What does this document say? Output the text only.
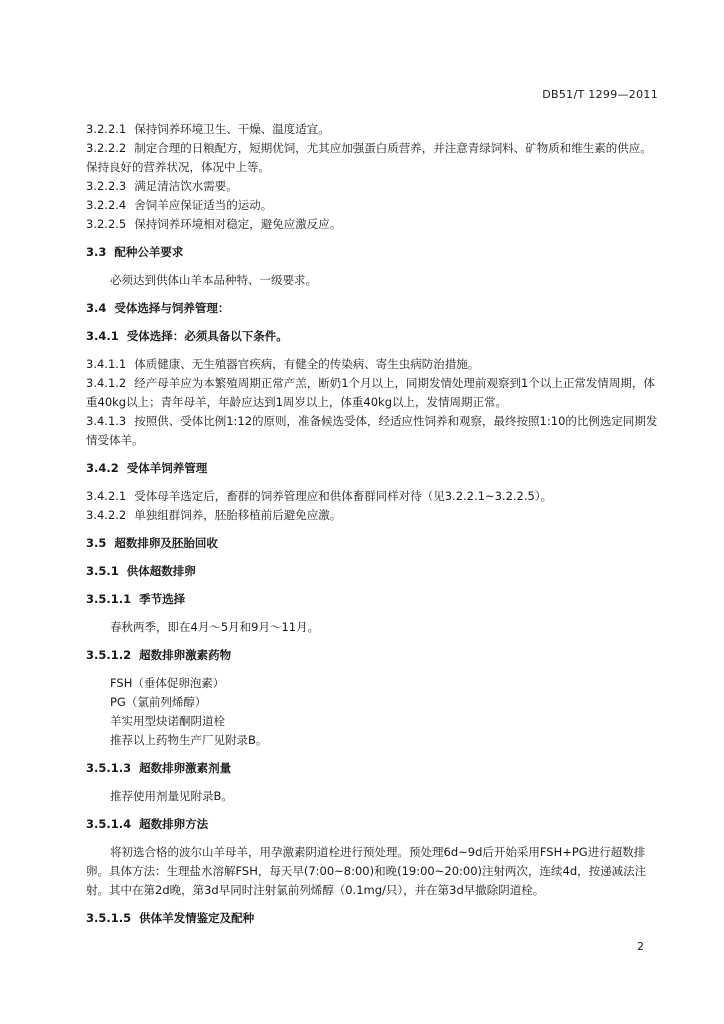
DB51/T 1299—2011

3.2.2.1 保持饲养环境卫生、干燥、温度适宜。

3.2.2.2 制定合理的日粮配方，短期优饲，尤其应加强蛋白质营养，并注意青绿饲料、矿物质和维生素的供应。保持良好的营养状况，体况中上等。

3.2.2.3 满足清洁饮水需要。

3.2.2.4 舍饲羊应保证适当的运动。

3.2.2.5 保持饲养环境相对稳定，避免应激反应。

3.3 配种公羊要求

必须达到供体山羊本品种特、一级要求。

3.4 受体选择与饲养管理：

3.4.1 受体选择：必须具备以下条件。

3.4.1.1 体质健康、无生殖器官疾病，有健全的传染病、寄生虫病防治措施。

3.4.1.2 经产母羊应为本繁殖周期正常产羔，断奶1个月以上，同期发情处理前观察到1个以上正常发情周期，体重40kg以上；青年母羊，年龄应达到1周岁以上，体重40kg以上，发情周期正常。

3.4.1.3 按照供、受体比例1:12的原则，准备候选受体，经适应性饲养和观察，最终按照1:10的比例选定同期发情受体羊。

3.4.2 受体羊饲养管理

3.4.2.1 受体母羊选定后，畜群的饲养管理应和供体畜群同样对待（见3.2.2.1~3.2.2.5）。

3.4.2.2 单独组群饲养，胚胎移植前后避免应激。

3.5 超数排卵及胚胎回收

3.5.1 供体超数排卵

3.5.1.1 季节选择

春秋两季，即在4月～5月和9月～11月。

3.5.1.2 超数排卵激素药物

FSH（垂体促卵泡素）

PG（氯前列烯醇）

羊实用型炔诺酮阴道栓

推荐以上药物生产厂见附录B。

3.5.1.3 超数排卵激素剂量

推荐使用剂量见附录B。

3.5.1.4 超数排卵方法

将初选合格的波尔山羊母羊，用孕激素阴道栓进行预处理。预处理6d~9d后开始采用FSH+PG进行超数排卵。具体方法：生理盐水溶解FSH，每天早(7:00~8:00)和晚(19:00~20:00)注射两次，连续4d，按递减法注射。其中在第2d晚，第3d早同时注射氯前列烯醇（0.1mg/只），并在第3d早撤除阴道栓。

3.5.1.5 供体羊发情鉴定及配种

2
